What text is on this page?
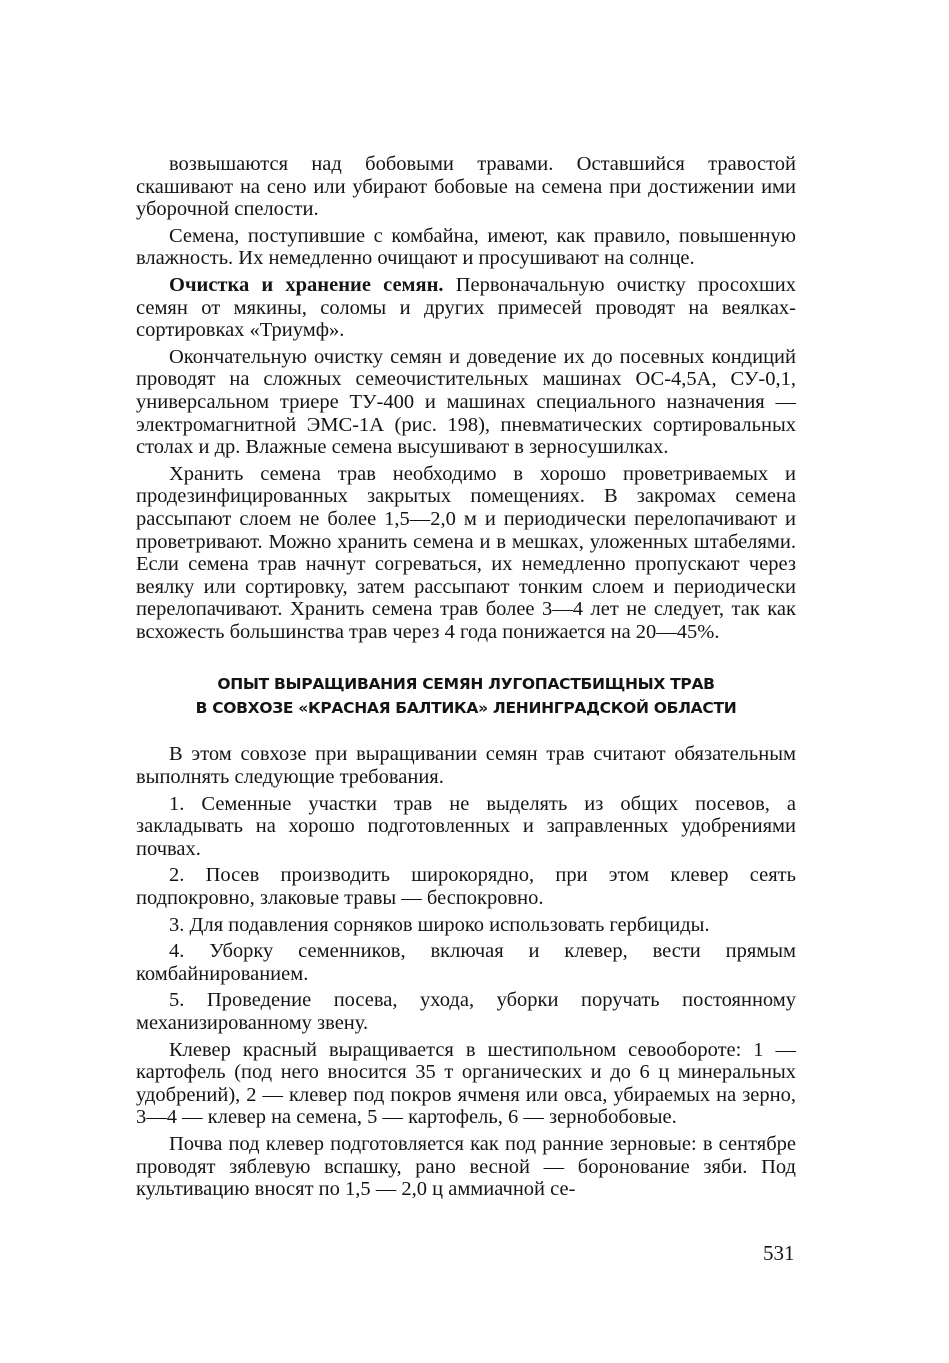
возвышаются над бобовыми травами. Оставшийся травостой скашивают на сено или убирают бобовые на семена при достижении ими уборочной спелости.

Семена, поступившие с комбайна, имеют, как правило, повышенную влажность. Их немедленно очищают и просушивают на солнце.

Очистка и хранение семян. Первоначальную очистку просохших семян от мякины, соломы и других примесей проводят на веялках-сортировках «Триумф».

Окончательную очистку семян и доведение их до посевных кондиций проводят на сложных семеочистительных машинах ОС-4,5А, СУ-0,1, универсальном триере ТУ-400 и машинах специального назначения — электромагнитной ЭМС-1А (рис. 198), пневматических сортировальных столах и др. Влажные семена высушивают в зерносушилках.

Хранить семена трав необходимо в хорошо проветриваемых и продезинфицированных закрытых помещениях. В закромах семена рассыпают слоем не более 1,5—2,0 м и периодически перелопачивают и проветривают. Можно хранить семена и в мешках, уложенных штабелями. Если семена трав начнут согреваться, их немедленно пропускают через веялку или сортировку, затем рассыпают тонким слоем и периодически перелопачивают. Хранить семена трав более 3—4 лет не следует, так как всхожесть большинства трав через 4 года понижается на 20—45%.

ОПЫТ ВЫРАЩИВАНИЯ СЕМЯН ЛУГОПАСТБИЩНЫХ ТРАВ
В СОВХОЗЕ «КРАСНАЯ БАЛТИКА» ЛЕНИНГРАДСКОЙ ОБЛАСТИ

В этом совхозе при выращивании семян трав считают обязательным выполнять следующие требования.

1. Семенные участки трав не выделять из общих посевов, а закладывать на хорошо подготовленных и заправленных удобрениями почвах.

2. Посев производить широкорядно, при этом клевер сеять подпокровно, злаковые травы — беспокровно.

3. Для подавления сорняков широко использовать гербициды.

4. Уборку семенников, включая и клевер, вести прямым комбайнированием.

5. Проведение посева, ухода, уборки поручать постоянному механизированному звену.

Клевер красный выращивается в шестипольном севообороте: 1 — картофель (под него вносится 35 т органических и до 6 ц минеральных удобрений), 2 — клевер под покров ячменя или овса, убираемых на зерно, 3—4 — клевер на семена, 5 — картофель, 6 — зернобобовые.

Почва под клевер подготовляется как под ранние зерновые: в сентябре проводят зяблевую вспашку, рано весной — боронование зяби. Под культивацию вносят по 1,5 — 2,0 ц аммиачной се-

531
